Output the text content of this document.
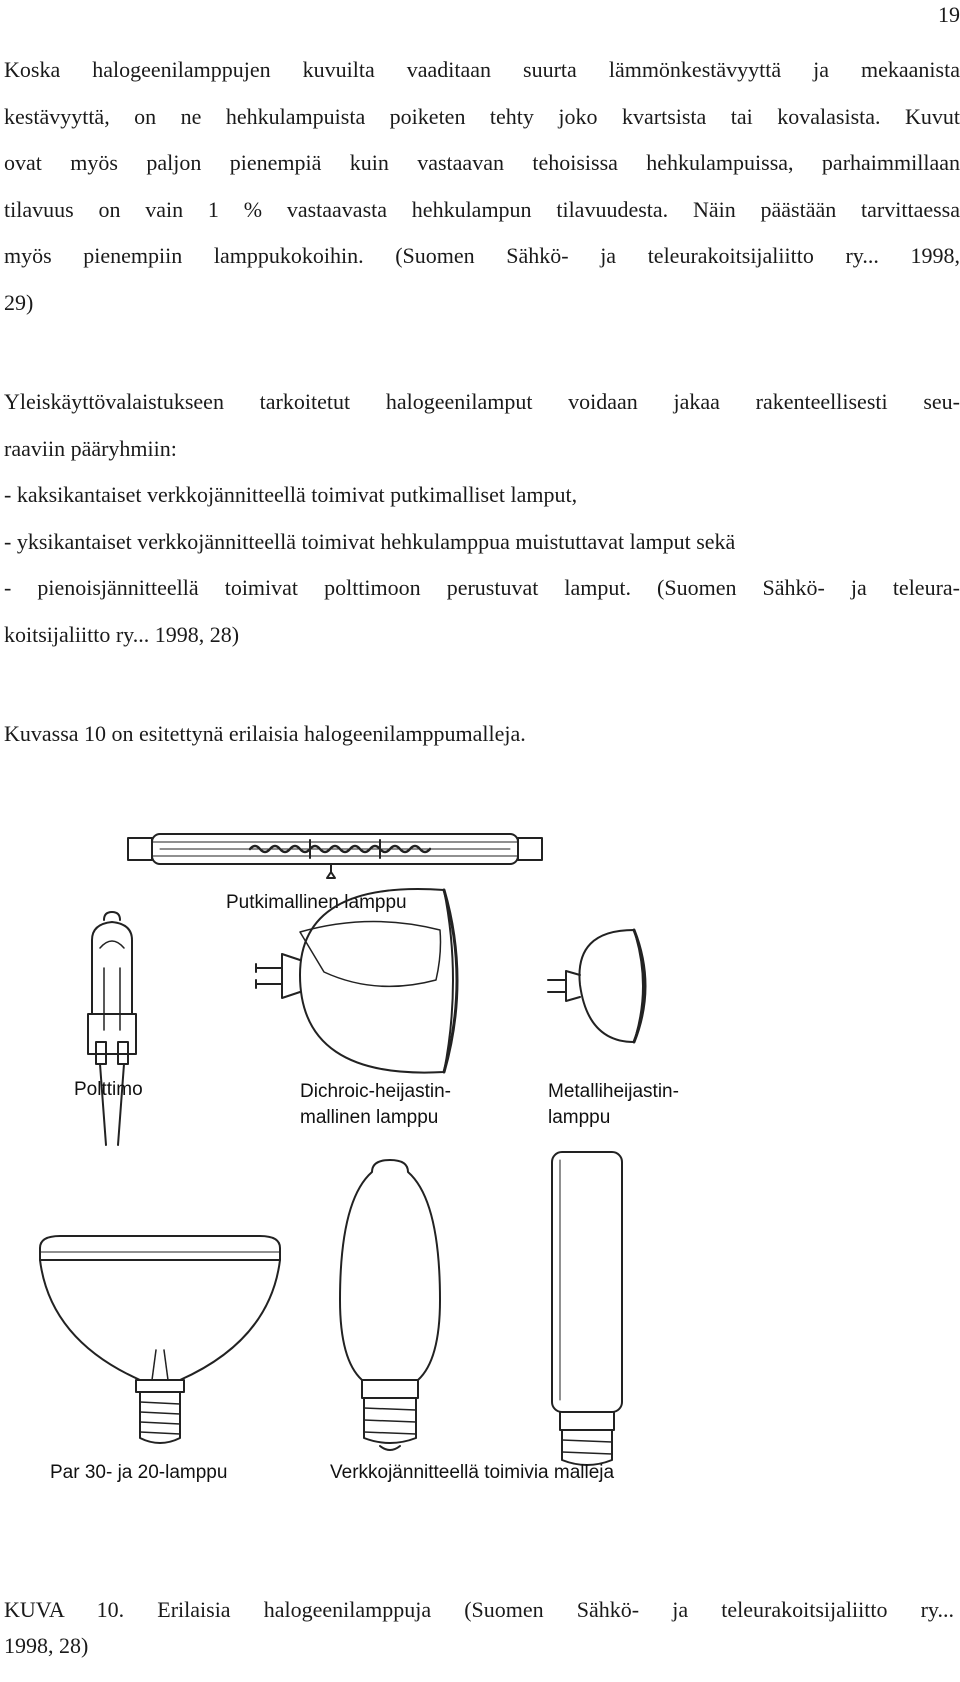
19
Koska halogeenilamppujen kuvuilta vaaditaan suurta lämmönkestävyyttä ja mekaanista
kestävyyttä, on ne hehkulampuista poiketen tehty joko kvartsista tai kovalasista. Kuvut
ovat myös paljon pienempiä kuin vastaavan tehoisissa hehkulampuissa, parhaimmillaan
tilavuus on vain 1 % vastaavasta hehkulampun tilavuudesta. Näin päästään tarvittaessa
myös pienempiin lamppukokoihin. (Suomen Sähkö- ja teleurakoitsijaliitto ry... 1998,
29)
Yleiskäyttövalaistukseen tarkoitetut halogeenilamput voidaan jakaa rakenteellisesti seu-
raaviin pääryhmiin:
- kaksikantaiset verkkojännitteellä toimivat putkimalliset lamput,
- yksikantaiset verkkojännitteellä toimivat hehkulamppua muistuttavat lamput sekä
- pienoisjännitteellä toimivat polttimoon perustuvat lamput. (Suomen Sähkö- ja teleura-
koitsijaliitto ry... 1998, 28)
Kuvassa 10 on esitettynä erilaisia halogeenilamppumalleja.
Putkimallinen lamppu
Polttimo	Dichroic-heijastin-
mallinen lamppu
Metalliheijastin-
lamppu
Par 30- ja 20-lamppu	Verkkojännitteellä toimivia malleja

KUVA 10. Erilaisia halogeenilamppuja (Suomen Sähkö- ja teleurakoitsijaliitto ry...
1998, 28)
